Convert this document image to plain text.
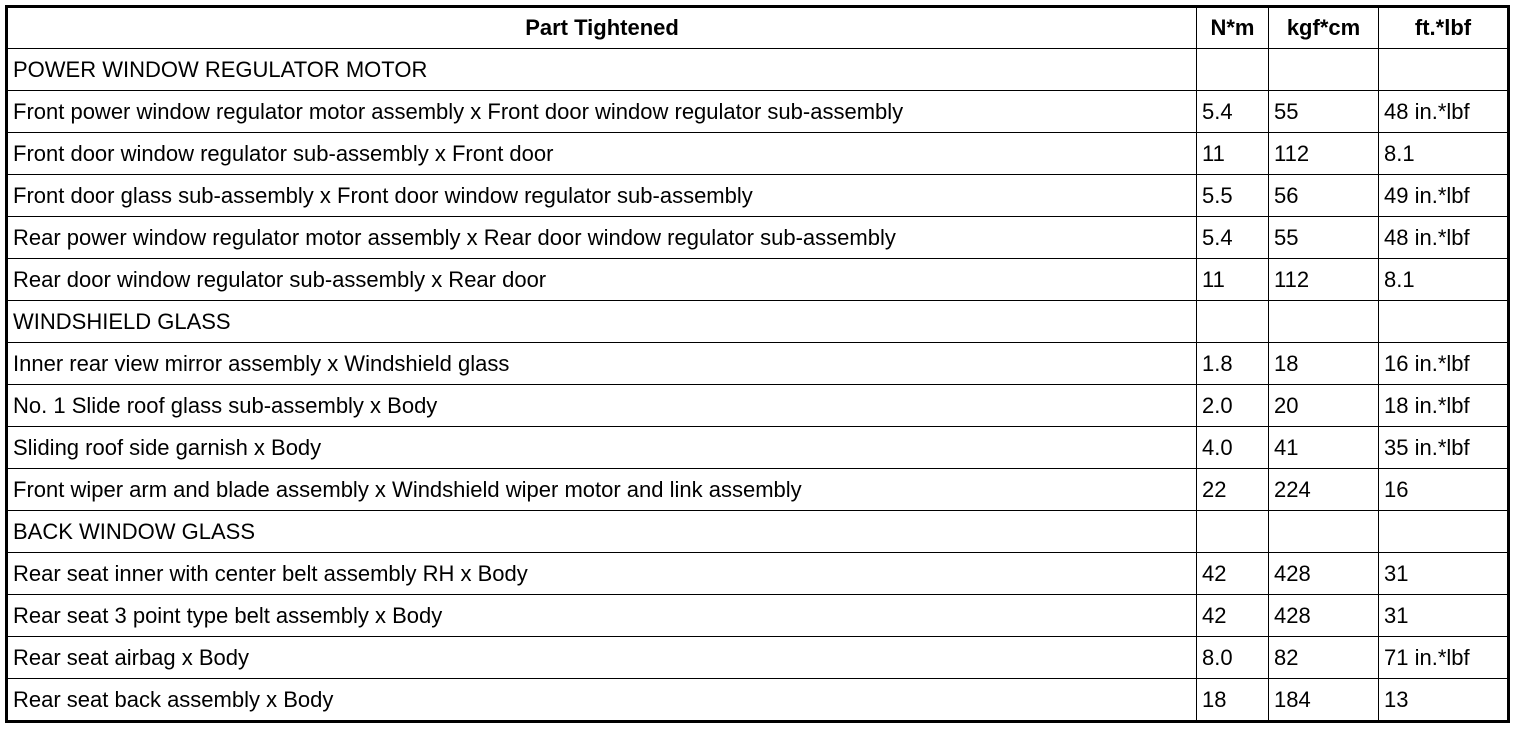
Part Tightened	N*m	kgf*cm	ft.*lbf
POWER WINDOW REGULATOR MOTOR			
Front power window regulator motor assembly x Front door window regulator sub-assembly	5.4	55	48 in.*lbf
Front door window regulator sub-assembly x Front door	11	112	8.1
Front door glass sub-assembly x Front door window regulator sub-assembly	5.5	56	49 in.*lbf
Rear power window regulator motor assembly x Rear door window regulator sub-assembly	5.4	55	48 in.*lbf
Rear door window regulator sub-assembly x Rear door	11	112	8.1
WINDSHIELD GLASS			
Inner rear view mirror assembly x Windshield glass	1.8	18	16 in.*lbf
No. 1 Slide roof glass sub-assembly x Body	2.0	20	18 in.*lbf
Sliding roof side garnish x Body	4.0	41	35 in.*lbf
Front wiper arm and blade assembly x Windshield wiper motor and link assembly	22	224	16
BACK WINDOW GLASS			
Rear seat inner with center belt assembly RH x Body	42	428	31
Rear seat 3 point type belt assembly x Body	42	428	31
Rear seat airbag x Body	8.0	82	71 in.*lbf
Rear seat back assembly x Body	18	184	13
